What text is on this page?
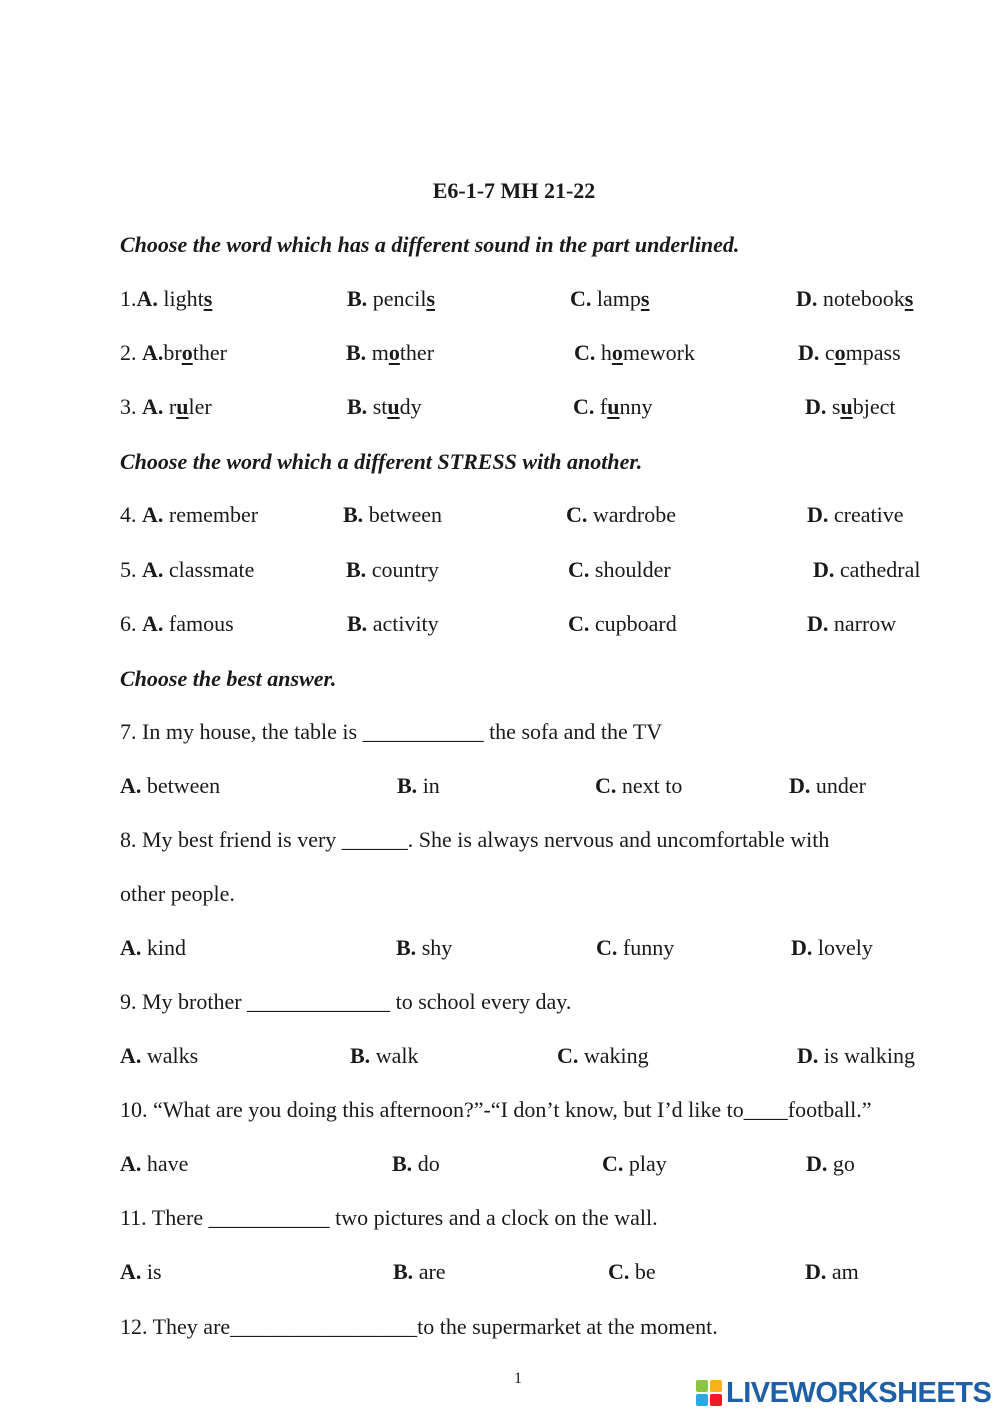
E6-1-7 MH 21-22
Choose the word which has a different sound in the part underlined.
1.A. lights	B. pencils	C. lamps	D. notebooks
2. A.brother	B. mother	C. homework	D. compass
3. A. ruler	B. study	C. funny	D. subject
Choose the word which a different STRESS with another.
4. A. remember	B. between	C. wardrobe	D. creative
5. A. classmate	B. country	C. shoulder	D. cathedral
6. A. famous	B. activity	C. cupboard	D. narrow
Choose the best answer.
7. In my house, the table is ___________ the sofa and the TV
A. between	B. in	C. next to	D. under
8. My best friend is very ______. She is always nervous and uncomfortable with
other people.
A. kind	B. shy	C. funny	D. lovely
9. My brother _____________ to school every day.
A. walks	B. walk	C. waking	D. is walking
10. “What are you doing this afternoon?”-“I don’t know, but I’d like to____football.”
A. have	B. do	C. play	D. go
11. There ___________ two pictures and a clock on the wall.
A. is	B. are	C. be	D. am
12. They are_________________to the supermarket at the moment.
1	LIVEWORKSHEETS
